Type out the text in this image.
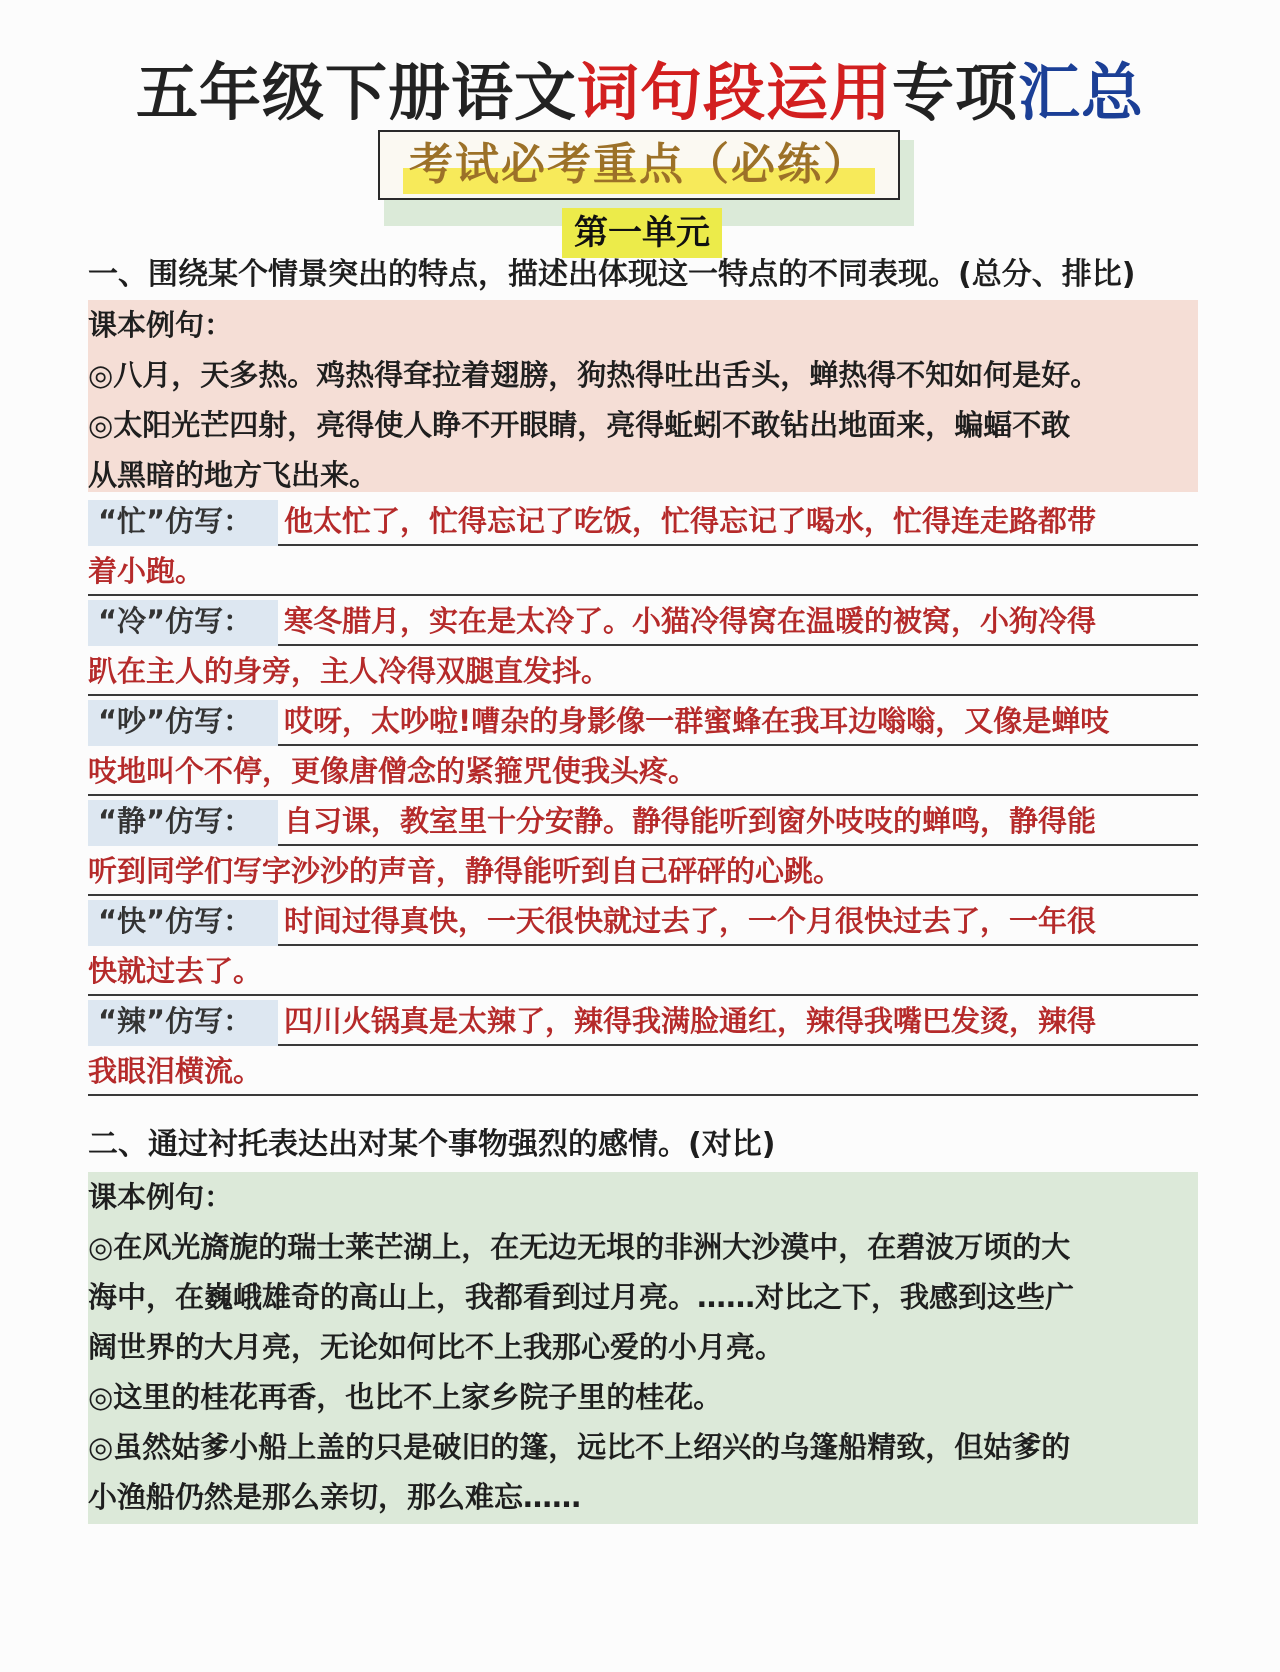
五年级下册语文词句段运用专项汇总
考试必考重点（必练）
第一单元
一、围绕某个情景突出的特点，描述出体现这一特点的不同表现。(总分、排比)
课本例句：
◎八月，天多热。鸡热得耷拉着翅膀，狗热得吐出舌头，蝉热得不知如何是好。
◎太阳光芒四射，亮得使人睁不开眼睛，亮得蚯蚓不敢钻出地面来，蝙蝠不敢
从黑暗的地方飞出来。
“忙”仿写： 他太忙了，忙得忘记了吃饭，忙得忘记了喝水，忙得连走路都带
着小跑。
“冷”仿写： 寒冬腊月，实在是太冷了。小猫冷得窝在温暖的被窝，小狗冷得
趴在主人的身旁，主人冷得双腿直发抖。
“吵”仿写： 哎呀，太吵啦!嘈杂的身影像一群蜜蜂在我耳边嗡嗡，又像是蝉吱
吱地叫个不停，更像唐僧念的紧箍咒使我头疼。
“静”仿写： 自习课，教室里十分安静。静得能听到窗外吱吱的蝉鸣，静得能
听到同学们写字沙沙的声音，静得能听到自己砰砰的心跳。
“快”仿写： 时间过得真快，一天很快就过去了，一个月很快过去了，一年很
快就过去了。
“辣”仿写： 四川火锅真是太辣了，辣得我满脸通红，辣得我嘴巴发烫，辣得
我眼泪横流。
二、通过衬托表达出对某个事物强烈的感情。(对比)
课本例句：
◎在风光旖旎的瑞士莱芒湖上，在无边无垠的非洲大沙漠中，在碧波万顷的大
海中，在巍峨雄奇的高山上，我都看到过月亮。……对比之下，我感到这些广
阔世界的大月亮，无论如何比不上我那心爱的小月亮。
◎这里的桂花再香，也比不上家乡院子里的桂花。
◎虽然姑爹小船上盖的只是破旧的篷，远比不上绍兴的乌篷船精致，但姑爹的
小渔船仍然是那么亲切，那么难忘……
